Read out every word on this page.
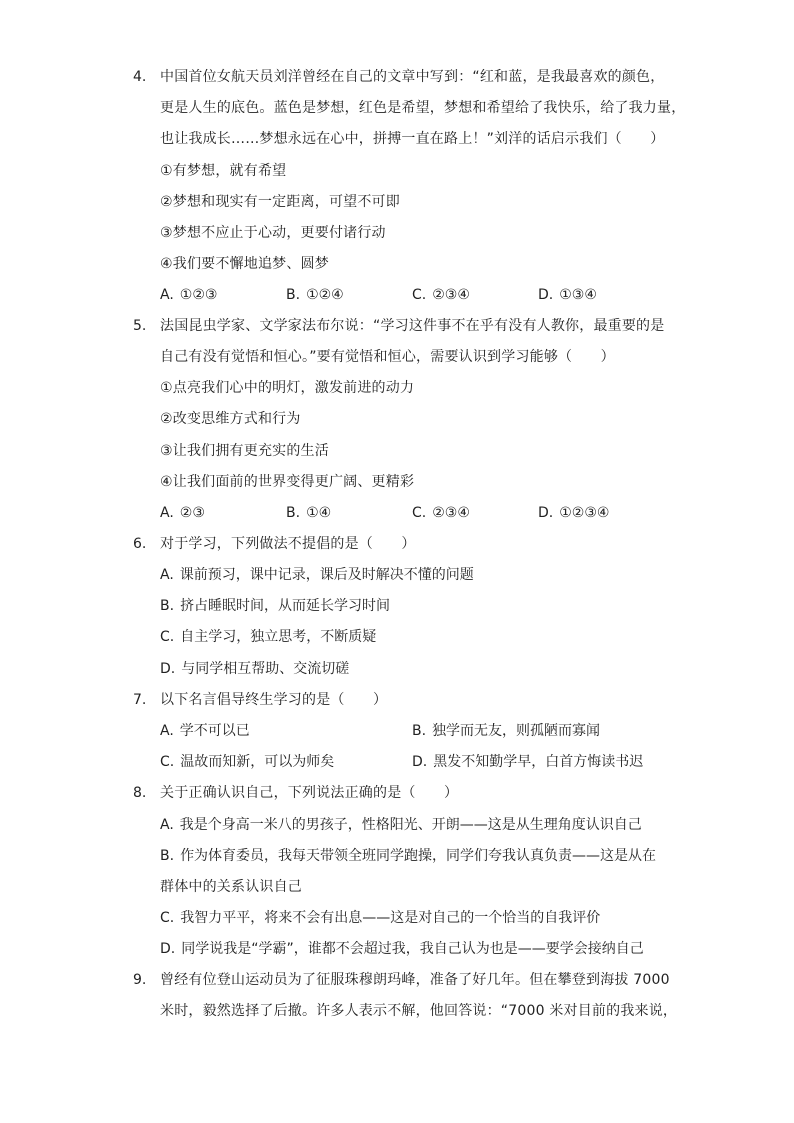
4. 中国首位女航天员刘洋曾经在自己的文章中写到：“红和蓝，是我最喜欢的颜色，
更是人生的底色。蓝色是梦想，红色是希望，梦想和希望给了我快乐，给了我力量，
也让我成长……梦想永远在心中，拼搏一直在路上！”刘洋的话启示我们（　　）
①有梦想，就有希望
②梦想和现实有一定距离，可望不可即
③梦想不应止于心动，更要付诸行动
④我们要不懈地追梦、圆梦
A. ①②③	B. ①②④	C. ②③④	D. ①③④
5. 法国昆虫学家、文学家法布尔说：“学习这件事不在乎有没有人教你，最重要的是
自己有没有觉悟和恒心。”要有觉悟和恒心，需要认识到学习能够（　　）
①点亮我们心中的明灯，激发前进的动力
②改变思维方式和行为
③让我们拥有更充实的生活
④让我们面前的世界变得更广阔、更精彩
A. ②③	B. ①④	C. ②③④	D. ①②③④
6. 对于学习，下列做法不提倡的是（　　）
A. 课前预习，课中记录，课后及时解决不懂的问题
B. 挤占睡眠时间，从而延长学习时间
C. 自主学习，独立思考，不断质疑
D. 与同学相互帮助、交流切磋
7. 以下名言倡导终生学习的是（　　）
A. 学不可以已	B. 独学而无友，则孤陋而寡闻
C. 温故而知新，可以为师矣	D. 黑发不知勤学早，白首方悔读书迟
8. 关于正确认识自己，下列说法正确的是（　　）
A. 我是个身高一米八的男孩子，性格阳光、开朗——这是从生理角度认识自己
B. 作为体育委员，我每天带领全班同学跑操，同学们夸我认真负责——这是从在
群体中的关系认识自己
C. 我智力平平，将来不会有出息——这是对自己的一个恰当的自我评价
D. 同学说我是“学霸”，谁都不会超过我，我自己认为也是——要学会接纳自己
9. 曾经有位登山运动员为了征服珠穆朗玛峰，准备了好几年。但在攀登到海拔 7000
米时，毅然选择了后撤。许多人表示不解，他回答说：“7000 米对目前的我来说，
